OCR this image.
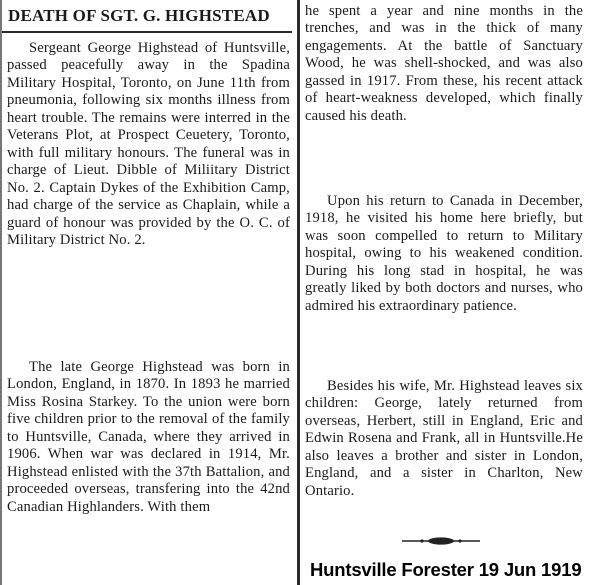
DEATH OF SGT. G. HIGHSTEAD

Sergeant George Highstead of Huntsville, passed peacefully away in the Spadina Military Hospital, Toronto, on June 11th from pneumonia, following six months illness from heart trouble. The remains were interred in the Veterans Plot, at Prospect Ceuetery, Toronto, with full military honours. The funeral was in charge of Lieut. Dibble of Miliitary District No. 2. Captain Dykes of the Exhibition Camp, had charge of the service as Chaplain, while a guard of honour was provided by the O. C. of Military District No. 2.

The late George Highstead was born in London, England, in 1870. In 1893 he married Miss Rosina Starkey. To the union were born five children prior to the removal of the family to Huntsville, Canada, where they arrived in 1906. When war was declared in 1914, Mr. Highstead enlisted with the 37th Battalion, and proceeded overseas, transfering into the 42nd Canadian Highlanders. With them

he spent a year and nine months in the trenches, and was in the thick of many engagements. At the battle of Sanctuary Wood, he was shell-shocked, and was also gassed in 1917. From these, his recent attack of heart-weakness developed, which finally caused his death.

Upon his return to Canada in December, 1918, he visited his home here briefly, but was soon compelled to return to Military hospital, owing to his weakened condition. During his long stad in hospital, he was greatly liked by both doctors and nurses, who admired his extraordinary patience.

Besides his wife, Mr. Highstead leaves six children: George, lately returned from overseas, Herbert, still in England, Eric and Edwin Rosena and Frank, all in Huntsville.He also leaves a brother and sister in London, England, and a sister in Charlton, New Ontario.

Huntsville Forester 19 Jun 1919
